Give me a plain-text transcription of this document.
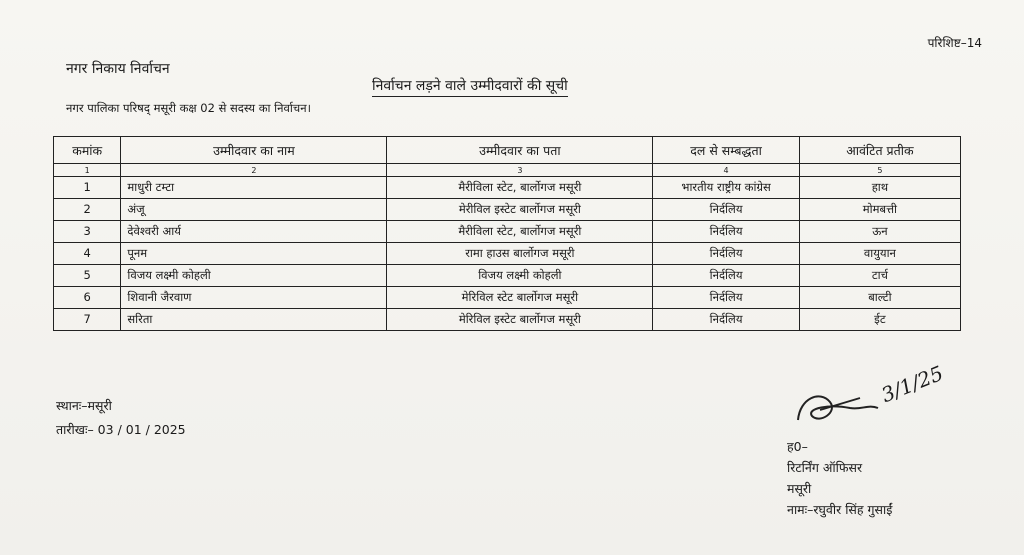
परिशिष्ट–14
नगर निकाय निर्वाचन
निर्वाचन लड़ने वाले उम्मीदवारों की सूची
नगर पालिका परिषद् मसूरी कक्ष 02 से सदस्य का निर्वाचन।
कमांक	उम्मीदवार का नाम	उम्मीदवार का पता	दल से सम्बद्धता	आवंटित प्रतीक
1	2	3	4	5
1	माधुरी टम्टा	मैरीविला स्टेट, बार्लोगज मसूरी	भारतीय राष्ट्रीय कांग्रेस	हाथ
2	अंजू	मेरीविल इस्टेट बार्लोगज मसूरी	निर्दलिय	मोमबत्ती
3	देवेश्वरी आर्य	मैरीविला स्टेट, बार्लोगज मसूरी	निर्दलिय	ऊन
4	पूनम	रामा हाउस बार्लोगज मसूरी	निर्दलिय	वायुयान
5	विजय लक्ष्मी कोहली	विजय लक्ष्मी कोहली	निर्दलिय	टार्च
6	शिवानी जैरवाण	मेरिविल स्टेट बार्लोगज मसूरी	निर्दलिय	बाल्टी
7	सरिता	मेरिविल इस्टेट बार्लोगज मसूरी	निर्दलिय	ईट
स्थानः–मसूरी
तारीखः– 03 / 01 / 2025
3/1/25
ह0–
रिटर्निंग ऑफिसर
मसूरी
नामः–रघुवीर सिंह गुसाईं
